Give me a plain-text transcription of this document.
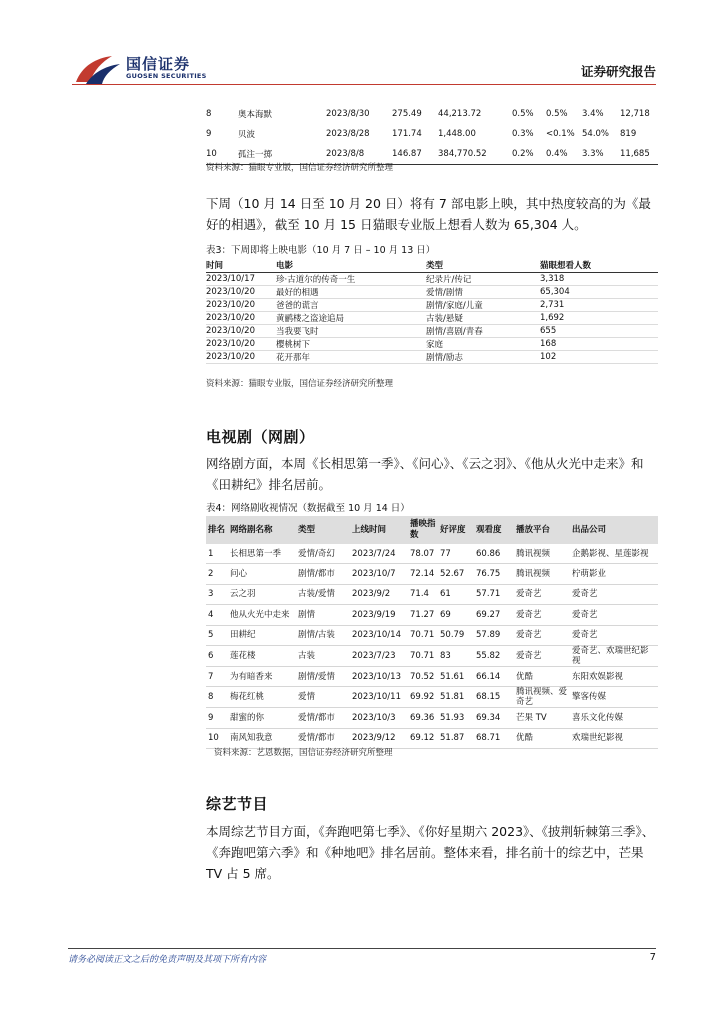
国信证券
GUOSEN SECURITIES	证券研究报告
8	奥本海默	2023/8/30	275.49	44,213.72	0.5%	0.5%	3.4%	12,718
9	贝波	2023/8/28	171.74	1,448.00	0.3%	<0.1%	54.0%	819
10	孤注一掷	2023/8/8	146.87	384,770.52	0.2%	0.4%	3.3%	11,685
资料来源：猫眼专业版，国信证券经济研究所整理
下周（10 月 14 日至 10 月 20 日）将有 7 部电影上映，其中热度较高的为《最好的相遇》，截至 10 月 15 日猫眼专业版上想看人数为 65,304 人。
表3：下周即将上映电影（10 月 7 日 – 10 月 13 日）
时间	电影	类型	猫眼想看人数
2023/10/17	珍·古道尔的传奇一生	纪录片/传记	3,318
2023/10/20	最好的相遇	爱情/剧情	65,304
2023/10/20	爸爸的谎言	剧情/家庭/儿童	2,731
2023/10/20	黄鹂楼之盗途追局	古装/悬疑	1,692
2023/10/20	当我要飞时	剧情/喜剧/青春	655
2023/10/20	樱桃树下	家庭	168
2023/10/20	花开那年	剧情/励志	102
资料来源：猫眼专业版，国信证券经济研究所整理
电视剧（网剧）
网络剧方面，本周《长相思第一季》、《问心》、《云之羽》、《他从火光中走来》和《田耕纪》排名居前。
表4：网络剧收视情况（数据截至 10 月 14 日）
排名	网络剧名称	类型	上线时间	播映指数	好评度	观看度	播放平台	出品公司
1	长相思第一季	爱情/奇幻	2023/7/24	78.07	77	60.86	腾讯视频	企鹅影视、星莲影视
2	问心	剧情/都市	2023/10/7	72.14	52.67	76.75	腾讯视频	柠萌影业
3	云之羽	古装/爱情	2023/9/2	71.4	61	57.71	爱奇艺	爱奇艺
4	他从火光中走来	剧情	2023/9/19	71.27	69	69.27	爱奇艺	爱奇艺
5	田耕纪	剧情/古装	2023/10/14	70.71	50.79	57.89	爱奇艺	爱奇艺
6	莲花楼	古装	2023/7/23	70.71	83	55.82	爱奇艺	爱奇艺、欢瑞世纪影视
7	为有暗香来	剧情/爱情	2023/10/13	70.52	51.61	66.14	优酷	东阳欢娱影视
8	梅花红桃	爱情	2023/10/11	69.92	51.81	68.15	腾讯视频、爱奇艺	擎客传媒
9	甜蜜的你	爱情/都市	2023/10/3	69.36	51.93	69.34	芒果 TV	喜乐文化传媒
10	南风知我意	爱情/都市	2023/9/12	69.12	51.87	68.71	优酷	欢瑞世纪影视
资料来源：艺恩数据，国信证券经济研究所整理
综艺节目
本周综艺节目方面，《奔跑吧第七季》、《你好星期六 2023》、《披荆斩棘第三季》、《奔跑吧第六季》和《种地吧》排名居前。整体来看，排名前十的综艺中，芒果 TV 占 5 席。
请务必阅读正文之后的免责声明及其项下所有内容	7
